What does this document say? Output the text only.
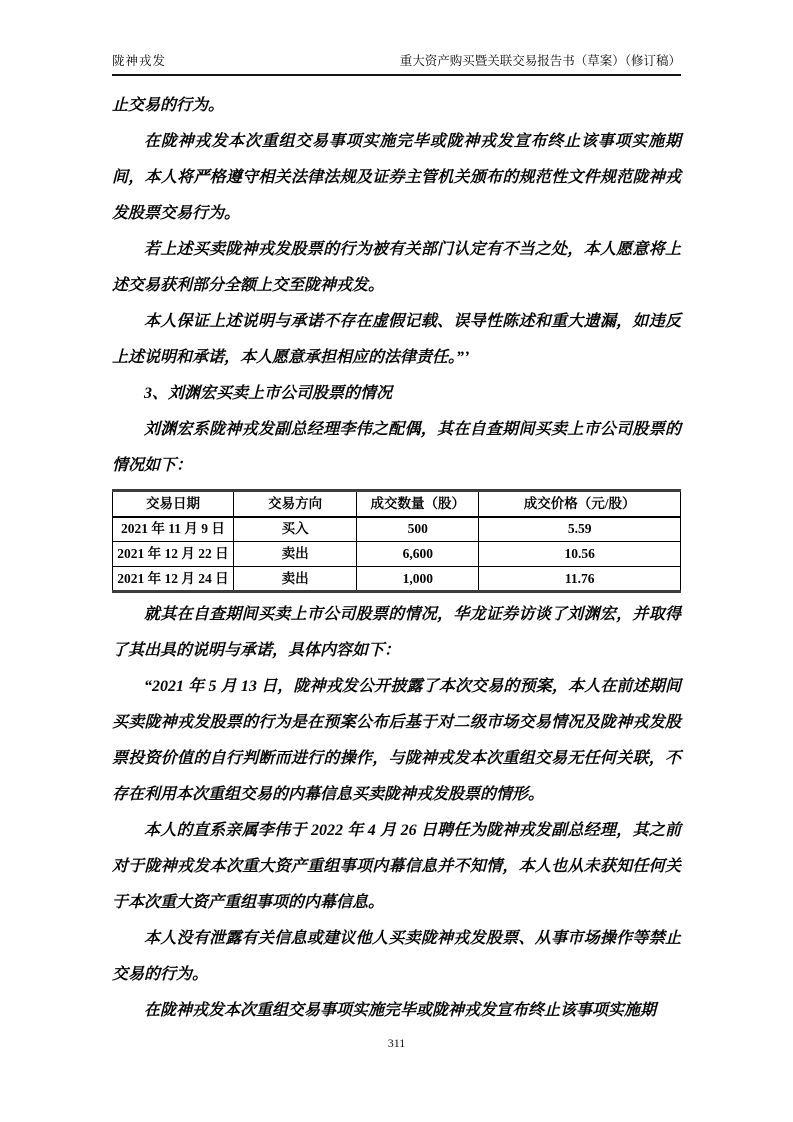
陇神戎发	重大资产购买暨关联交易报告书（草案）（修订稿）

止交易的行为。

在陇神戎发本次重组交易事项实施完毕或陇神戎发宣布终止该事项实施期间，本人将严格遵守相关法律法规及证券主管机关颁布的规范性文件规范陇神戎发股票交易行为。

若上述买卖陇神戎发股票的行为被有关部门认定有不当之处，本人愿意将上述交易获利部分全额上交至陇神戎发。

本人保证上述说明与承诺不存在虚假记载、误导性陈述和重大遗漏，如违反上述说明和承诺，本人愿意承担相应的法律责任。”’

3、刘渊宏买卖上市公司股票的情况

刘渊宏系陇神戎发副总经理李伟之配偶，其在自查期间买卖上市公司股票的情况如下：

交易日期	交易方向	成交数量（股）	成交价格（元/股）
2021 年 11 月 9 日	买入	500	5.59
2021 年 12 月 22 日	卖出	6,600	10.56
2021 年 12 月 24 日	卖出	1,000	11.76

就其在自查期间买卖上市公司股票的情况，华龙证券访谈了刘渊宏，并取得了其出具的说明与承诺，具体内容如下：

“2021 年 5 月 13 日，陇神戎发公开披露了本次交易的预案，本人在前述期间买卖陇神戎发股票的行为是在预案公布后基于对二级市场交易情况及陇神戎发股票投资价值的自行判断而进行的操作，与陇神戎发本次重组交易无任何关联，不存在利用本次重组交易的内幕信息买卖陇神戎发股票的情形。

本人的直系亲属李伟于 2022 年 4 月 26 日聘任为陇神戎发副总经理，其之前对于陇神戎发本次重大资产重组事项内幕信息并不知情，本人也从未获知任何关于本次重大资产重组事项的内幕信息。

本人没有泄露有关信息或建议他人买卖陇神戎发股票、从事市场操作等禁止交易的行为。

在陇神戎发本次重组交易事项实施完毕或陇神戎发宣布终止该事项实施期

311
